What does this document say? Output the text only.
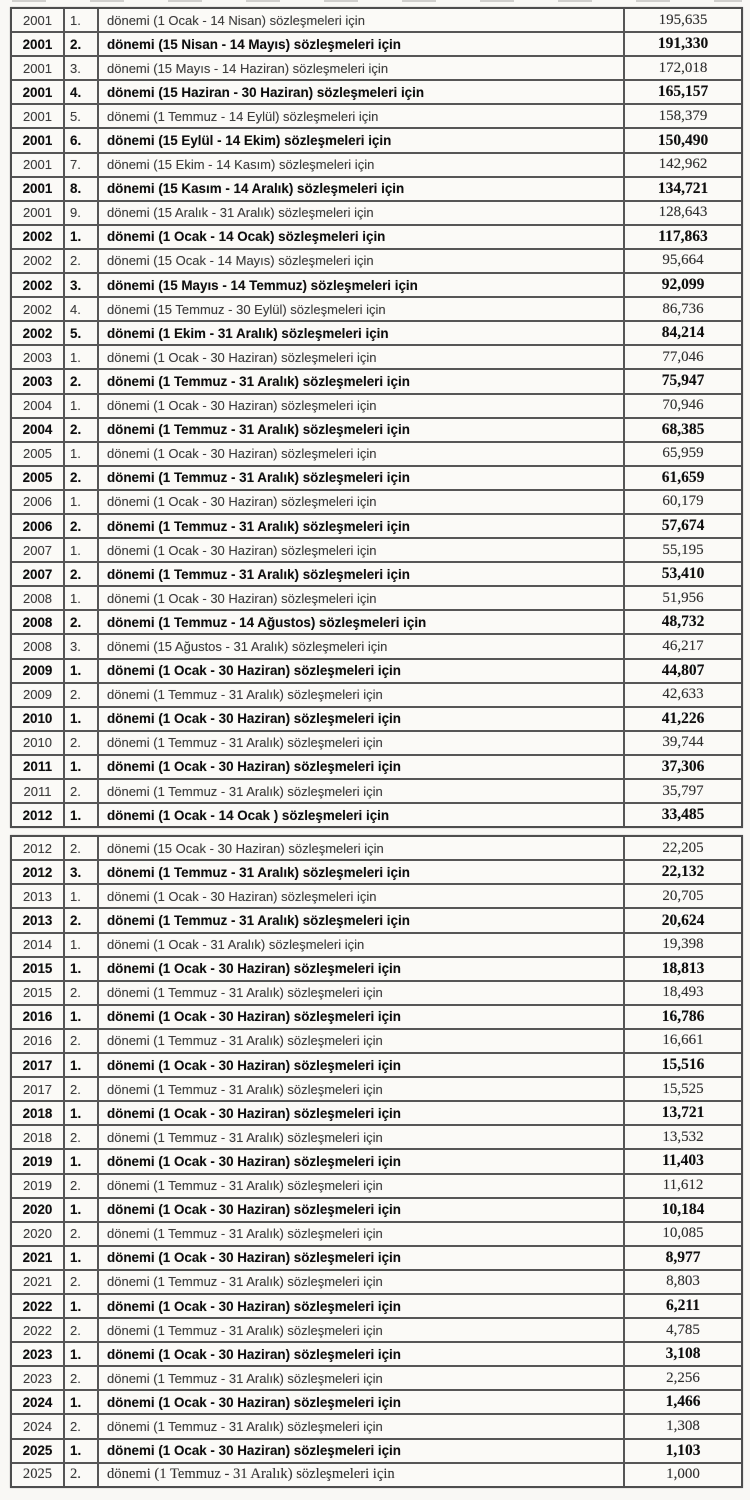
2001	1.	dönemi (1 Ocak - 14 Nisan) sözleşmeleri için	195,635
2001	2.	dönemi (15 Nisan - 14 Mayıs) sözleşmeleri için	191,330
2001	3.	dönemi (15 Mayıs - 14 Haziran) sözleşmeleri için	172,018
2001	4.	dönemi (15 Haziran - 30 Haziran) sözleşmeleri için	165,157
2001	5.	dönemi (1 Temmuz - 14 Eylül) sözleşmeleri için	158,379
2001	6.	dönemi (15 Eylül - 14 Ekim) sözleşmeleri için	150,490
2001	7.	dönemi (15 Ekim - 14 Kasım) sözleşmeleri için	142,962
2001	8.	dönemi (15 Kasım - 14 Aralık) sözleşmeleri için	134,721
2001	9.	dönemi (15 Aralık - 31 Aralık) sözleşmeleri için	128,643
2002	1.	dönemi (1 Ocak - 14 Ocak) sözleşmeleri için	117,863
2002	2.	dönemi (15 Ocak - 14 Mayıs) sözleşmeleri için	95,664
2002	3.	dönemi (15 Mayıs - 14 Temmuz) sözleşmeleri için	92,099
2002	4.	dönemi (15 Temmuz - 30 Eylül) sözleşmeleri için	86,736
2002	5.	dönemi (1 Ekim - 31 Aralık) sözleşmeleri için	84,214
2003	1.	dönemi (1 Ocak - 30 Haziran) sözleşmeleri için	77,046
2003	2.	dönemi (1 Temmuz - 31 Aralık) sözleşmeleri için	75,947
2004	1.	dönemi (1 Ocak - 30 Haziran) sözleşmeleri için	70,946
2004	2.	dönemi (1 Temmuz - 31 Aralık) sözleşmeleri için	68,385
2005	1.	dönemi (1 Ocak - 30 Haziran) sözleşmeleri için	65,959
2005	2.	dönemi (1 Temmuz - 31 Aralık) sözleşmeleri için	61,659
2006	1.	dönemi (1 Ocak - 30 Haziran) sözleşmeleri için	60,179
2006	2.	dönemi (1 Temmuz - 31 Aralık) sözleşmeleri için	57,674
2007	1.	dönemi (1 Ocak - 30 Haziran) sözleşmeleri için	55,195
2007	2.	dönemi (1 Temmuz - 31 Aralık) sözleşmeleri için	53,410
2008	1.	dönemi (1 Ocak - 30 Haziran) sözleşmeleri için	51,956
2008	2.	dönemi (1 Temmuz - 14 Ağustos) sözleşmeleri için	48,732
2008	3.	dönemi (15 Ağustos - 31 Aralık) sözleşmeleri için	46,217
2009	1.	dönemi (1 Ocak - 30 Haziran) sözleşmeleri için	44,807
2009	2.	dönemi (1 Temmuz - 31 Aralık) sözleşmeleri için	42,633
2010	1.	dönemi (1 Ocak - 30 Haziran) sözleşmeleri için	41,226
2010	2.	dönemi (1 Temmuz - 31 Aralık) sözleşmeleri için	39,744
2011	1.	dönemi (1 Ocak - 30 Haziran) sözleşmeleri için	37,306
2011	2.	dönemi (1 Temmuz - 31 Aralık) sözleşmeleri için	35,797
2012	1.	dönemi (1 Ocak - 14 Ocak ) sözleşmeleri için	33,485
2012	2.	dönemi (15 Ocak - 30 Haziran) sözleşmeleri için	22,205
2012	3.	dönemi (1 Temmuz - 31 Aralık) sözleşmeleri için	22,132
2013	1.	dönemi (1 Ocak - 30 Haziran) sözleşmeleri için	20,705
2013	2.	dönemi (1 Temmuz - 31 Aralık) sözleşmeleri için	20,624
2014	1.	dönemi (1 Ocak - 31 Aralık) sözleşmeleri için	19,398
2015	1.	dönemi (1 Ocak - 30 Haziran) sözleşmeleri için	18,813
2015	2.	dönemi (1 Temmuz - 31 Aralık) sözleşmeleri için	18,493
2016	1.	dönemi (1 Ocak - 30 Haziran) sözleşmeleri için	16,786
2016	2.	dönemi (1 Temmuz - 31 Aralık) sözleşmeleri için	16,661
2017	1.	dönemi (1 Ocak - 30 Haziran) sözleşmeleri için	15,516
2017	2.	dönemi (1 Temmuz - 31 Aralık) sözleşmeleri için	15,525
2018	1.	dönemi (1 Ocak - 30 Haziran) sözleşmeleri için	13,721
2018	2.	dönemi (1 Temmuz - 31 Aralık) sözleşmeleri için	13,532
2019	1.	dönemi (1 Ocak - 30 Haziran) sözleşmeleri için	11,403
2019	2.	dönemi (1 Temmuz - 31 Aralık) sözleşmeleri için	11,612
2020	1.	dönemi (1 Ocak - 30 Haziran) sözleşmeleri için	10,184
2020	2.	dönemi (1 Temmuz - 31 Aralık) sözleşmeleri için	10,085
2021	1.	dönemi (1 Ocak - 30 Haziran) sözleşmeleri için	8,977
2021	2.	dönemi (1 Temmuz - 31 Aralık) sözleşmeleri için	8,803
2022	1.	dönemi (1 Ocak - 30 Haziran) sözleşmeleri için	6,211
2022	2.	dönemi (1 Temmuz - 31 Aralık) sözleşmeleri için	4,785
2023	1.	dönemi (1 Ocak - 30 Haziran) sözleşmeleri için	3,108
2023	2.	dönemi (1 Temmuz - 31 Aralık) sözleşmeleri için	2,256
2024	1.	dönemi (1 Ocak - 30 Haziran) sözleşmeleri için	1,466
2024	2.	dönemi (1 Temmuz - 31 Aralık) sözleşmeleri için	1,308
2025	1.	dönemi (1 Ocak - 30 Haziran) sözleşmeleri için	1,103
2025	2.	dönemi (1 Temmuz - 31 Aralık) sözleşmeleri için	1,000
